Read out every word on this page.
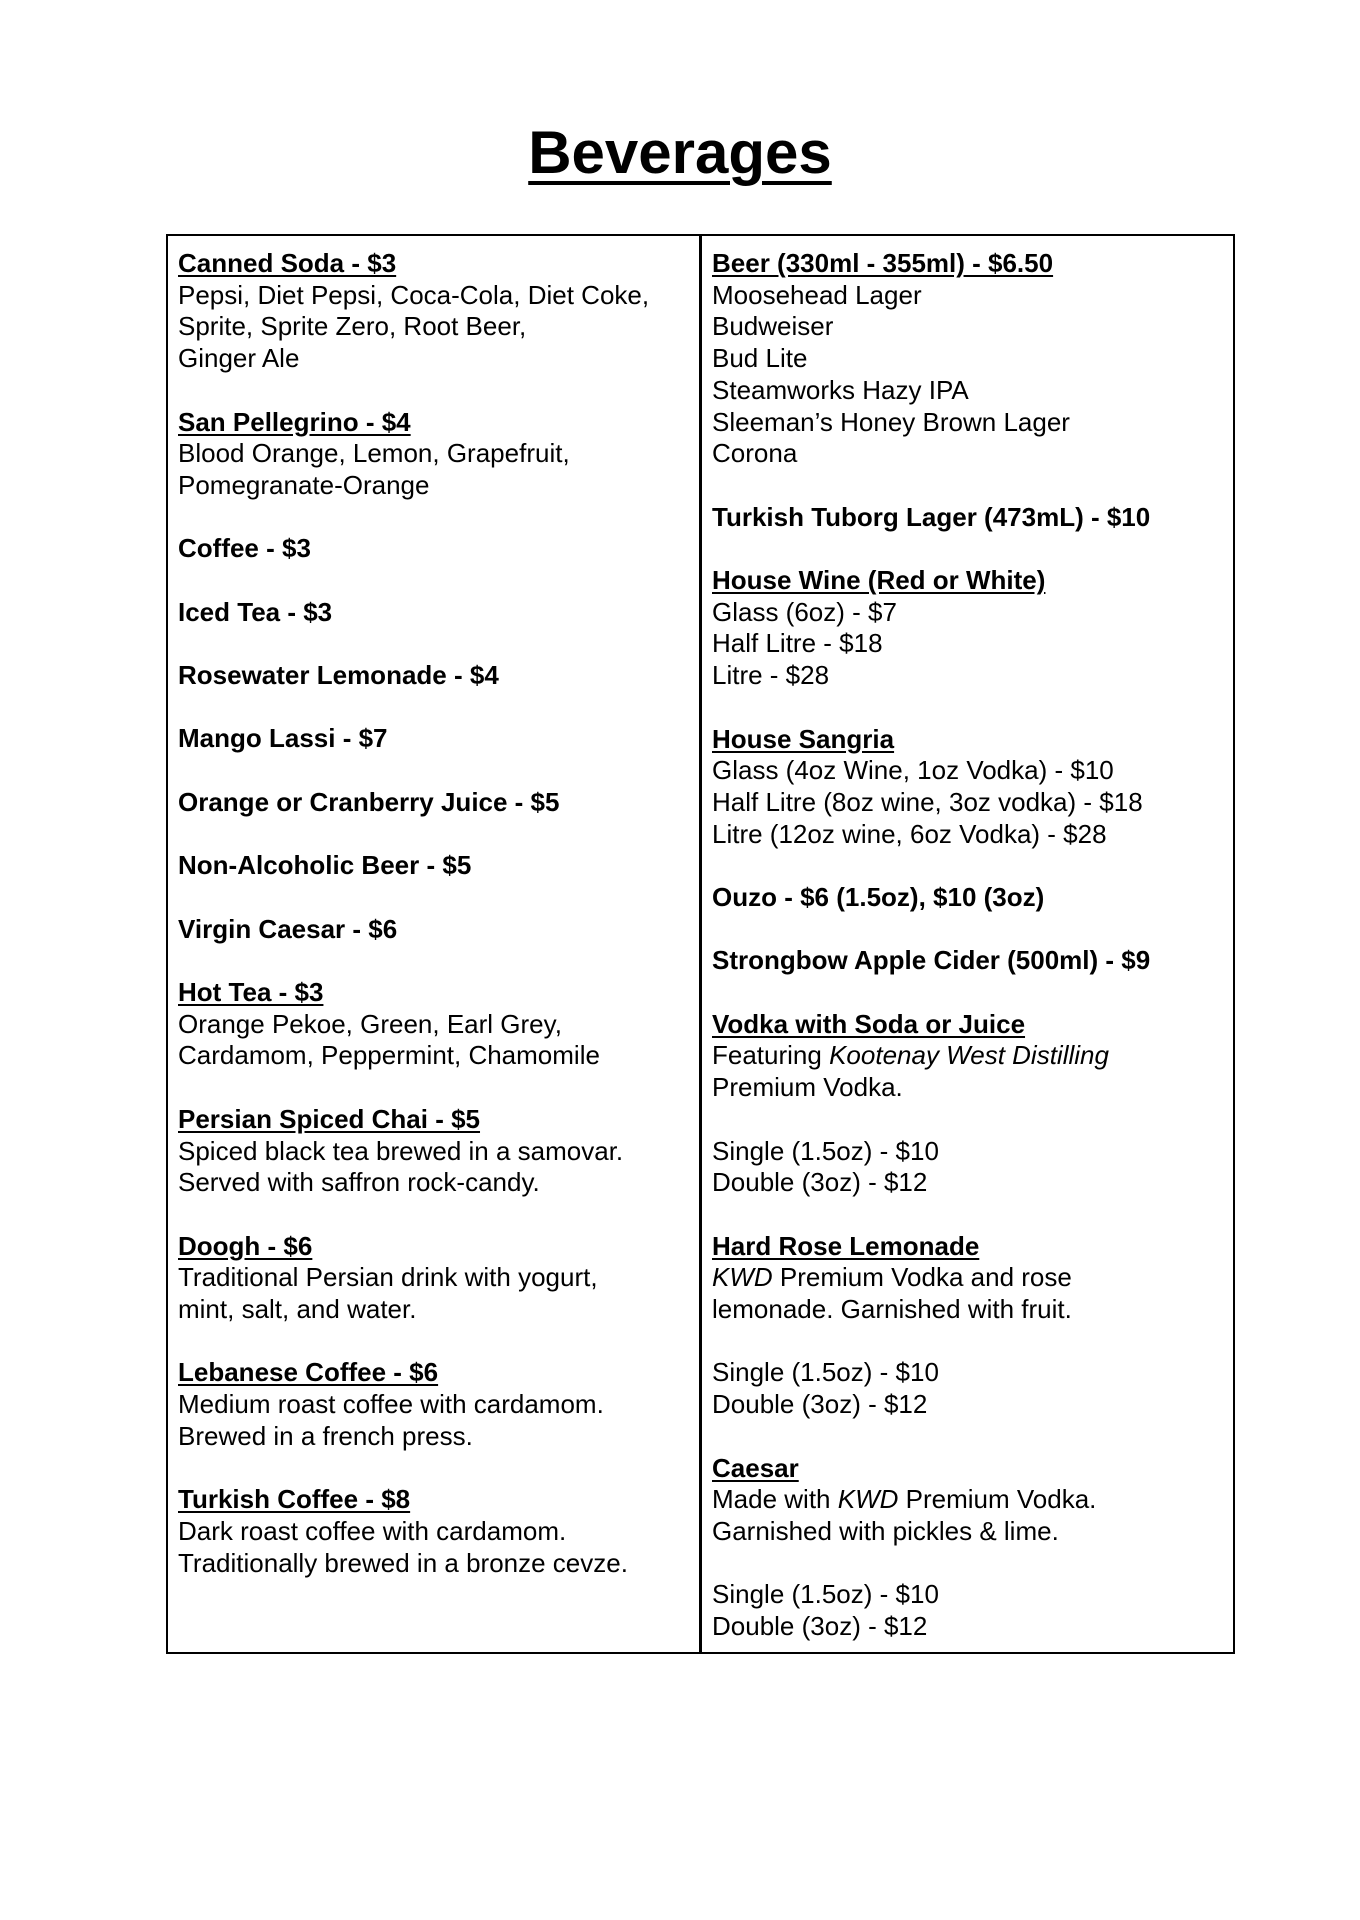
Beverages
Canned Soda - $3
Pepsi, Diet Pepsi, Coca-Cola, Diet Coke,
Sprite, Sprite Zero, Root Beer,
Ginger Ale
San Pellegrino - $4
Blood Orange, Lemon, Grapefruit,
Pomegranate-Orange
Coffee - $3
Iced Tea - $3
Rosewater Lemonade - $4
Mango Lassi - $7
Orange or Cranberry Juice - $5
Non-Alcoholic Beer - $5
Virgin Caesar - $6
Hot Tea - $3
Orange Pekoe, Green, Earl Grey,
Cardamom, Peppermint, Chamomile
Persian Spiced Chai - $5
Spiced black tea brewed in a samovar.
Served with saffron rock-candy.
Doogh - $6
Traditional Persian drink with yogurt,
mint, salt, and water.
Lebanese Coffee - $6
Medium roast coffee with cardamom.
Brewed in a french press.
Turkish Coffee - $8
Dark roast coffee with cardamom.
Traditionally brewed in a bronze cevze.
Beer (330ml - 355ml) - $6.50
Moosehead Lager
Budweiser
Bud Lite
Steamworks Hazy IPA
Sleeman’s Honey Brown Lager
Corona
Turkish Tuborg Lager (473mL) - $10
House Wine (Red or White)
Glass (6oz) - $7
Half Litre - $18
Litre - $28
House Sangria
Glass (4oz Wine, 1oz Vodka) - $10
Half Litre (8oz wine, 3oz vodka) - $18
Litre (12oz wine, 6oz Vodka) - $28
Ouzo - $6 (1.5oz), $10 (3oz)
Strongbow Apple Cider (500ml) - $9
Vodka with Soda or Juice
Featuring Kootenay West Distilling
Premium Vodka.
Single (1.5oz) - $10
Double (3oz) - $12
Hard Rose Lemonade
KWD Premium Vodka and rose
lemonade. Garnished with fruit.
Single (1.5oz) - $10
Double (3oz) - $12
Caesar
Made with KWD Premium Vodka.
Garnished with pickles & lime.
Single (1.5oz) - $10
Double (3oz) - $12
